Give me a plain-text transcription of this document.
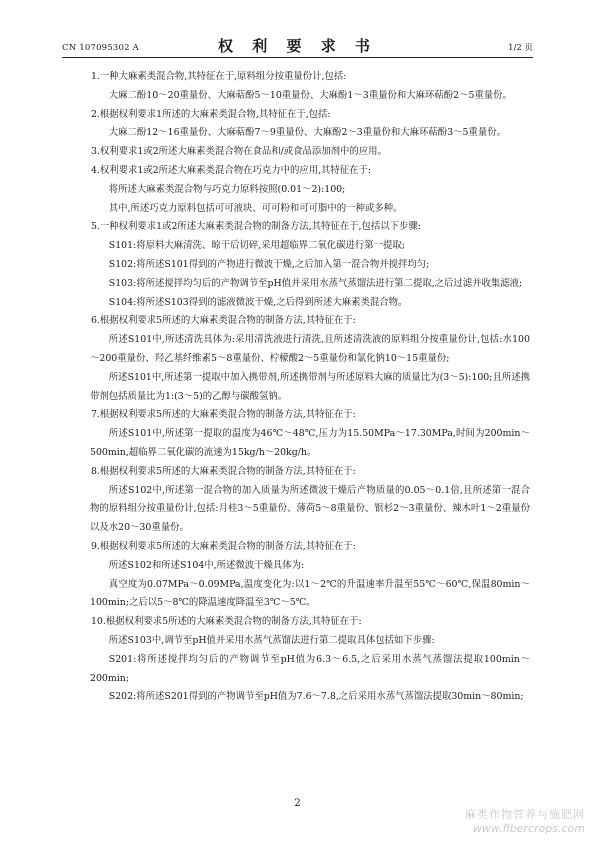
CN 107095302 A	权 利 要 求 书	1/2 页

1.一种大麻素类混合物,其特征在于,原料组分按重量份计,包括:

大麻二酚10～20重量份、大麻萜酚5～10重量份、大麻酚1～3重量份和大麻环萜酚2～5重量份。

2.根据权利要求1所述的大麻素类混合物,其特征在于,包括:

大麻二酚12～16重量份、大麻萜酚7～9重量份、大麻酚2～3重量份和大麻环萜酚3～5重量份。

3.权利要求1或2所述大麻素类混合物在食品和/或食品添加剂中的应用。

4.权利要求1或2所述大麻素类混合物在巧克力中的应用,其特征在于:

将所述大麻素类混合物与巧克力原料按照(0.01～2):100;

其中,所述巧克力原料包括可可液块、可可粉和可可脂中的一种或多种。

5.一种权利要求1或2所述大麻素类混合物的制备方法,其特征在于,包括以下步骤:

S101:将原料大麻清洗、晾干后切碎,采用超临界二氧化碳进行第一提取;

S102:将所述S101得到的产物进行微波干燥,之后加入第一混合物并搅拌均匀;

S103:将所述搅拌均匀后的产物调节至pH值并采用水蒸气蒸馏法进行第二提取,之后过滤并收集滤液;

S104:将所述S103得到的滤液微波干燥,之后得到所述大麻素类混合物。

6.根据权利要求5所述的大麻素类混合物的制备方法,其特征在于:

所述S101中,所述清洗具体为:采用清洗液进行清洗,且所述清洗液的原料组分按重量份计,包括:水100～200重量份、羟乙基纤维素5～8重量份、柠檬酸2～5重量份和氯化钠10～15重量份;

所述S101中,所述第一提取中加入携带剂,所述携带剂与所述原料大麻的质量比为(3～5):100;且所述携带剂包括质量比为1:(3～5)的乙醇与碳酸氢钠。

7.根据权利要求5所述的大麻素类混合物的制备方法,其特征在于:

所述S101中,所述第一提取的温度为46℃～48℃,压力为15.50MPa～17.30MPa,时间为200min～500min,超临界二氧化碳的流速为15kg/h～20kg/h。

8.根据权利要求5所述的大麻素类混合物的制备方法,其特征在于:

所述S102中,所述第一混合物的加入质量为所述微波干燥后产物质量的0.05～0.1倍,且所述第一混合物的原料组分按重量份计,包括:月桂3～5重量份、薄荷5～8重量份、银杉2～3重量份、辣木叶1～2重量份以及水20～30重量份。

9.根据权利要求5所述的大麻素类混合物的制备方法,其特征在于:

所述S102和所述S104中,所述微波干燥具体为:

真空度为0.07MPa～0.09MPa,温度变化为:以1～2℃的升温速率升温至55℃～60℃,保温80min～100min;之后以5～8℃的降温速度降温至3℃～5℃。

10.根据权利要求5所述的大麻素类混合物的制备方法,其特征在于:

所述S103中,调节至pH值并采用水蒸气蒸馏法进行第二提取具体包括如下步骤:

S201:将所述搅拌均匀后的产物调节至pH值为6.3～6.5,之后采用水蒸气蒸馏法提取100min～200min;

S202:将所述S201得到的产物调节至pH值为7.6～7.8,之后采用水蒸气蒸馏法提取30min～80min;

2
麻类作物营养与施肥网
www.fibercrops.com
